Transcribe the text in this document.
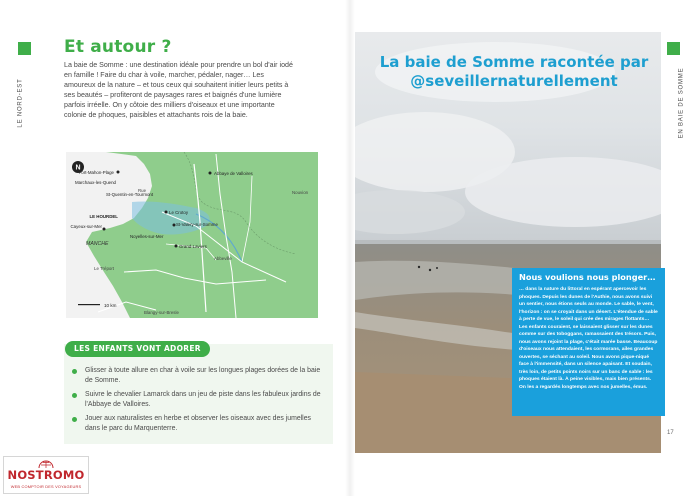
LE NORD-EST
Et autour ?

La baie de Somme : une destination idéale pour prendre un bol d'air iodé en famille ! Faire du char à voile, marcher, pédaler, nager… Les amoureux de la nature – et tous ceux qui souhaitent initier leurs petits à ses beautés – profiteront de paysages rares et baignés d'une lumière parfois irréelle. On y côtoie des milliers d'oiseaux et une importante colonie de phoques, paisibles et attachants rois de la baie.

N
Fort-Mahon-Plage	Abbaye de Valloires
Marchaux-les-Quend
St-Quentin-en-Tourmont
Rue	Nouvion
LE HOURDEL
Le Crotoy
St-Valery-sur-Somme
Cayeux-sur-Mer
Noyelles-sur-Mer
Grand-Laviers
MANCHE
Abbeville
Le Tréport
Blangy-sur-Bresle
10 km
LES ENFANTS VONT ADORER
Glisser à toute allure en char à voile sur les longues plages dorées de la baie de Somme.
Suivre le chevalier Lamarck dans un jeu de piste dans les fabuleux jardins de l'Abbaye de Valloires.
Jouer aux naturalistes en herbe et observer les oiseaux avec des jumelles dans le parc du Marquenterre.
NOSTROMO
WEB COMPTOIR DES VOYAGEURS
EN BAIE DE SOMME
La baie de Somme racontée par @seveillernaturellement
Nous voulions nous plonger…

… dans la nature du littoral en espérant apercevoir les phoques. Depuis les dunes de l'Authie, nous avons suivi un sentier, nous étions seuls au monde. Le sable, le vent, l'horizon : on se croyait dans un désert. L'étendue de sable à perte de vue, le soleil qui crée des mirages flottants… Les enfants couraient, se laissaient glisser sur les dunes comme sur des toboggans, ramassaient des trésors. Puis, nous avons rejoint la plage, c'était marée basse. Beaucoup d'oiseaux nous attendaient, les cormorans, ailes grandes ouvertes, se séchant au soleil. Nous avons pique-niqué face à l'immensité, dans un silence apaisant. Et soudain, très loin, de petits points noirs sur un banc de sable : les phoques étaient là. À peine visibles, mais bien présents. On les a regardés longtemps avec nos jumelles, émus.

17
